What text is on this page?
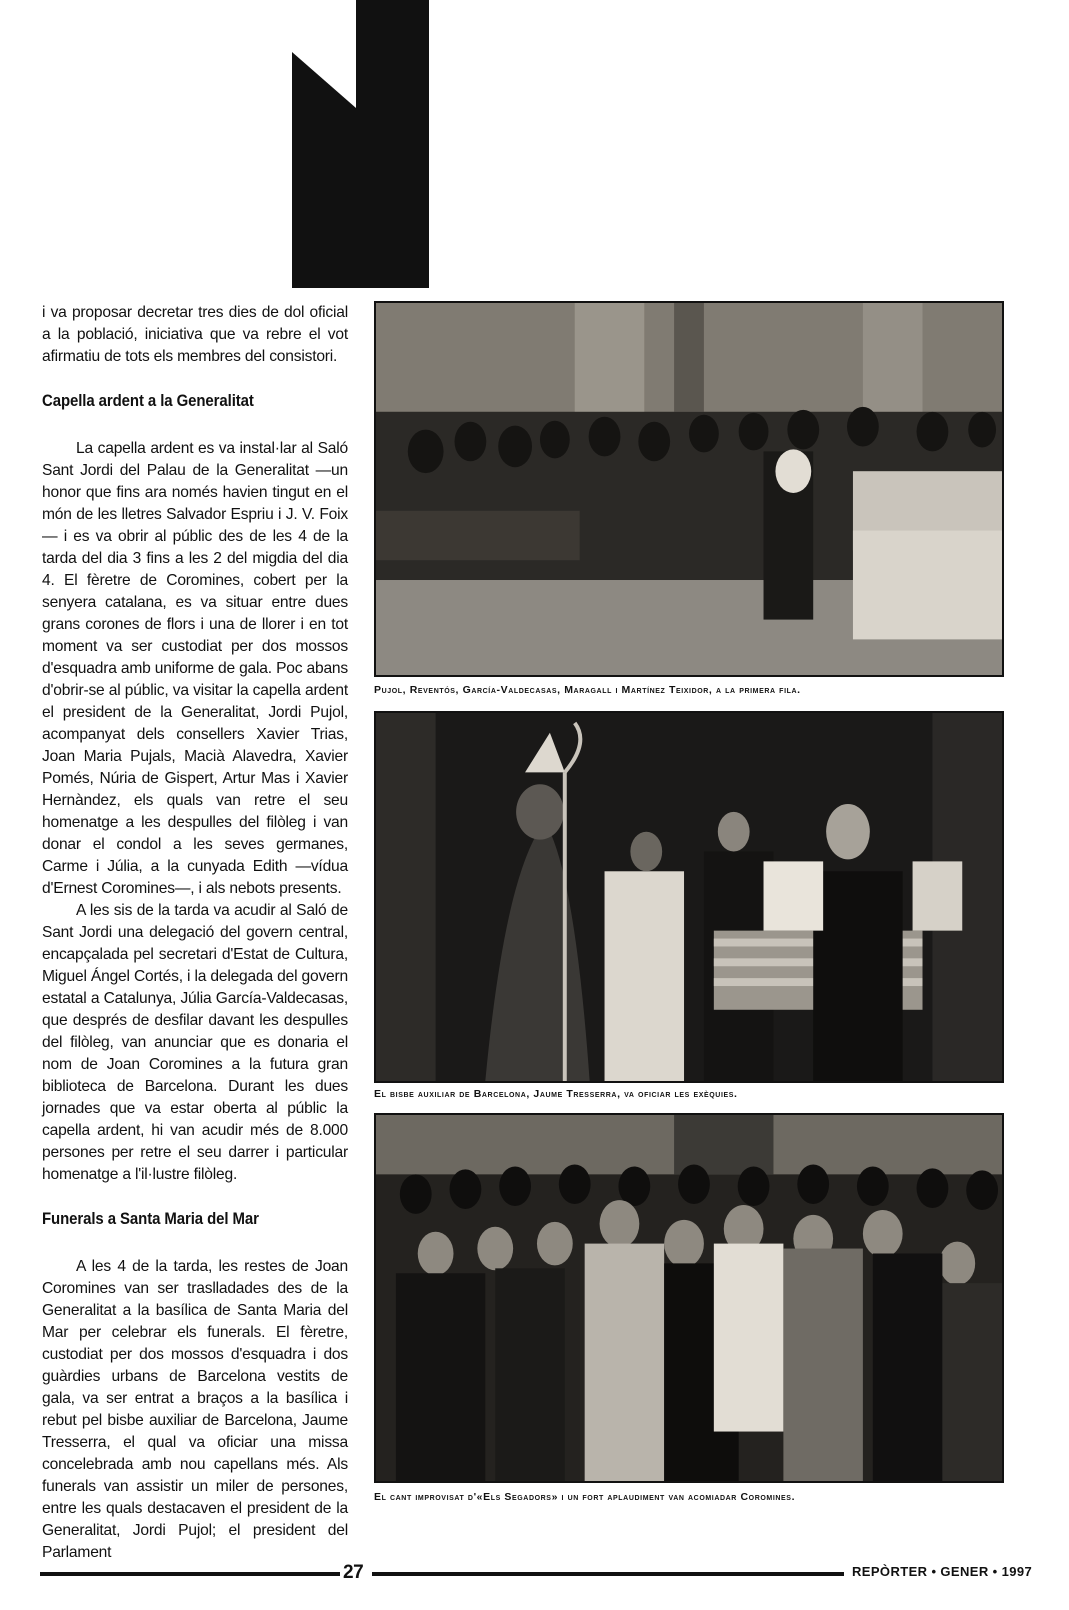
i va proposar decretar tres dies de dol oficial a la població, iniciativa que va rebre el vot afirmatiu de tots els membres del consistori.

Capella ardent a la Generalitat

La capella ardent es va instal·lar al Saló Sant Jordi del Palau de la Generalitat —un honor que fins ara només havien tingut en el món de les lletres Salvador Espriu i J. V. Foix— i es va obrir al públic des de les 4 de la tarda del dia 3 fins a les 2 del migdia del dia 4. El fèretre de Coromines, cobert per la senyera catalana, es va situar entre dues grans corones de flors i una de llorer i en tot moment va ser custodiat per dos mossos d'esquadra amb uniforme de gala. Poc abans d'obrir-se al públic, va visitar la capella ardent el president de la Generalitat, Jordi Pujol, acompanyat dels consellers Xavier Trias, Joan Maria Pujals, Macià Alavedra, Xavier Pomés, Núria de Gispert, Artur Mas i Xavier Hernàndez, els quals van retre el seu homenatge a les despulles del filòleg i van donar el condol a les seves germanes, Carme i Júlia, a la cunyada Edith —vídua d'Ernest Coromines—, i als nebots presents.

A les sis de la tarda va acudir al Saló de Sant Jordi una delegació del govern central, encapçalada pel secretari d'Estat de Cultura, Miguel Ángel Cortés, i la delegada del govern estatal a Catalunya, Júlia García-Valdecasas, que després de desfilar davant les despulles del filòleg, van anunciar que es donaria el nom de Joan Coromines a la futura gran biblioteca de Barcelona. Durant les dues jornades que va estar oberta al públic la capella ardent, hi van acudir més de 8.000 persones per retre el seu darrer i particular homenatge a l'il·lustre filòleg.

Funerals a Santa Maria del Mar

A les 4 de la tarda, les restes de Joan Coromines van ser traslladades des de la Generalitat a la basílica de Santa Maria del Mar per celebrar els funerals. El fèretre, custodiat per dos mossos d'esquadra i dos guàrdies urbans de Barcelona vestits de gala, va ser entrat a braços a la basílica i rebut pel bisbe auxiliar de Barcelona, Jaume Tresserra, el qual va oficiar una missa concelebrada amb nou capellans més. Als funerals van assistir un miler de persones, entre les quals destacaven el president de la Generalitat, Jordi Pujol; el president del Parlament

Pujol, Reventós, García-Valdecasas, Maragall i Martínez Teixidor, a la primera fila.
El bisbe auxiliar de Barcelona, Jaume Tresserra, va oficiar les exèquies.
El cant improvisat d'«Els Segadors» i un fort aplaudiment van acomiadar Coromines.
27	REPÒRTER • GENER • 1997
